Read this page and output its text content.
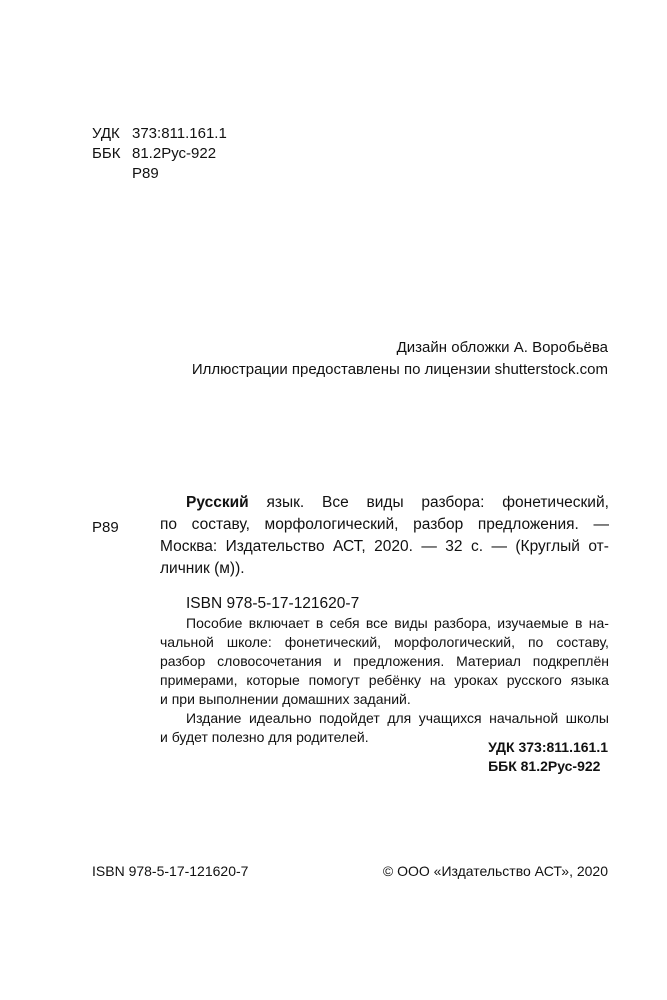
УДК 373:811.161.1
ББК 81.2Рус-922
Р89
Дизайн обложки А. Воробьёва
Иллюстрации предоставлены по лицензии shutterstock.com
Р89
Русский язык. Все виды разбора: фонетический,
по составу, морфологический, разбор предложения. —
Москва: Издательство АСТ, 2020. — 32 с. — (Круглый от-
личник (м)).
ISBN 978-5-17-121620-7
Пособие включает в себя все виды разбора, изучаемые в на-
чальной школе: фонетический, морфологический, по составу,
разбор словосочетания и предложения. Материал подкреплён
примерами, которые помогут ребёнку на уроках русского языка
и при выполнении домашних заданий.
Издание идеально подойдет для учащихся начальной школы
и будет полезно для родителей.
УДК 373:811.161.1
ББК 81.2Рус-922
ISBN 978-5-17-121620-7	© ООО «Издательство АСТ», 2020
